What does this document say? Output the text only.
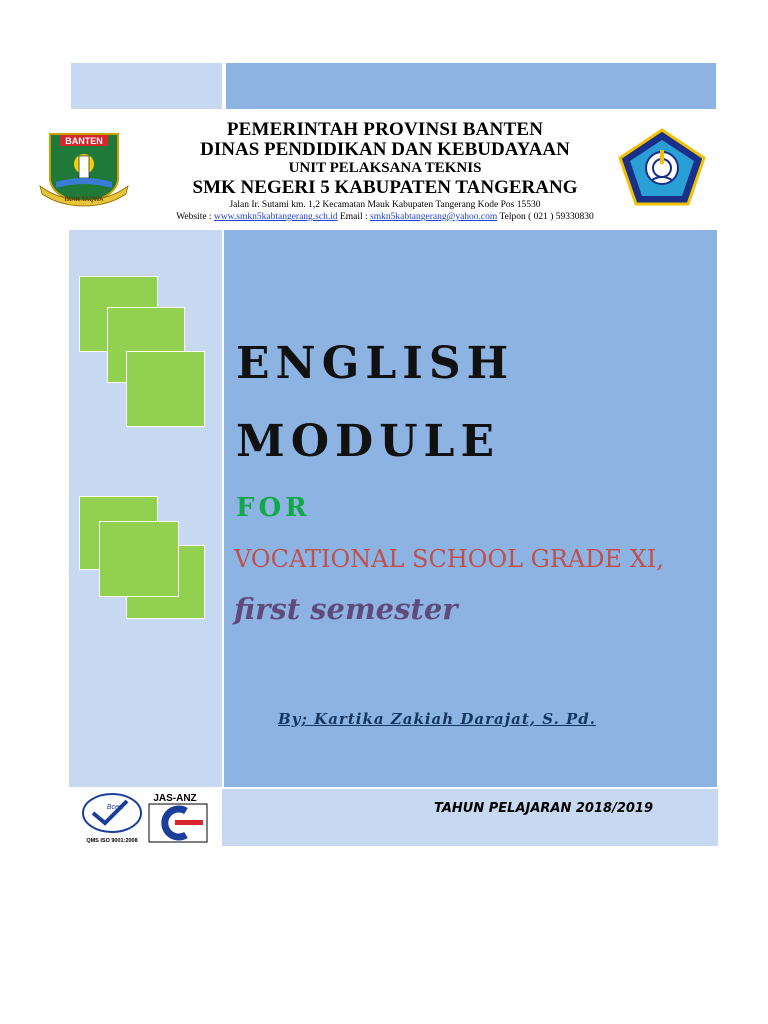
BANTEN
IMAN TAQWA
PEMERINTAH PROVINSI BANTEN
DINAS PENDIDIKAN DAN KEBUDAYAAN
UNIT PELAKSANA TEKNIS
SMK NEGERI 5 KABUPATEN TANGERANG
Jalan Ir. Sutami km. 1,2 Kecamatan Mauk Kabupaten Tangerang Kode Pos 15530
Website : www.smkn5kabtangerang.sch.id Email : smkn5kabtangerang@yahoo.com Telpon ( 021 ) 59330830
ENGLISH
MODULE
FOR
VOCATIONAL SCHOOL GRADE XI,
first semester
By; Kartika Zakiah Darajat, S. Pd.
Bcert
QMS ISO 9001:2008
JAS-ANZ
TAHUN PELAJARAN 2018/2019
